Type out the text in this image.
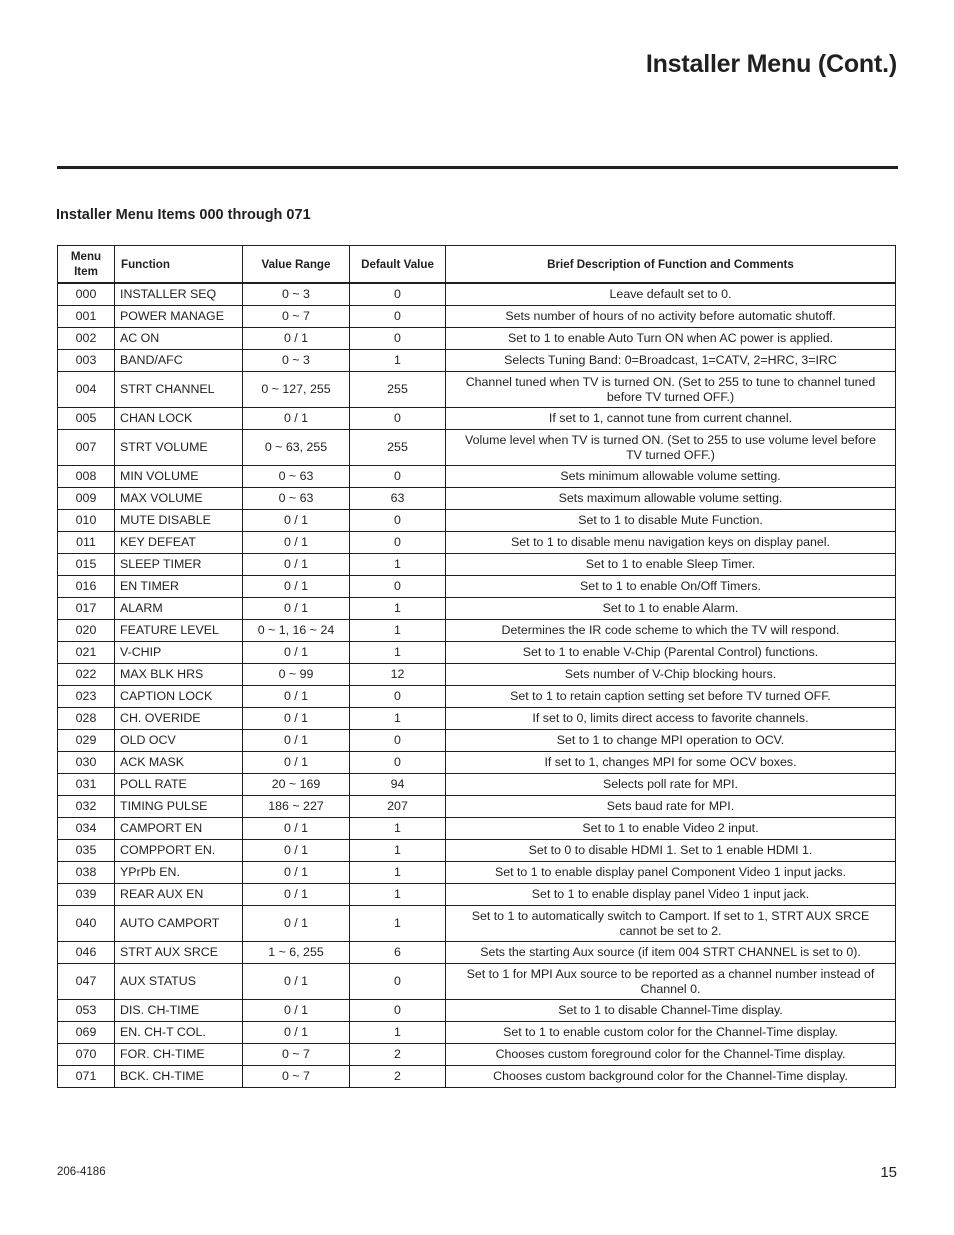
Installer Menu (Cont.)
Installer Menu Items 000 through 071
Menu
Item	Function	Value Range	Default Value	Brief Description of Function and Comments
000	INSTALLER SEQ	0 ~ 3	0	Leave default set to 0.
001	POWER MANAGE	0 ~ 7	0	Sets number of hours of no activity before automatic shutoff.
002	AC ON	0 / 1	0	Set to 1 to enable Auto Turn ON when AC power is applied.
003	BAND/AFC	0 ~ 3	1	Selects Tuning Band: 0=Broadcast, 1=CATV, 2=HRC, 3=IRC
004	STRT CHANNEL	0 ~ 127, 255	255	Channel tuned when TV is turned ON. (Set to 255 to tune to channel tuned before TV turned OFF.)
005	CHAN LOCK	0 / 1	0	If set to 1, cannot tune from current channel.
007	STRT VOLUME	0 ~ 63, 255	255	Volume level when TV is turned ON. (Set to 255 to use volume level before TV turned OFF.)
008	MIN VOLUME	0 ~ 63	0	Sets minimum allowable volume setting.
009	MAX VOLUME	0 ~ 63	63	Sets maximum allowable volume setting.
010	MUTE DISABLE	0 / 1	0	Set to 1 to disable Mute Function.
011	KEY DEFEAT	0 / 1	0	Set to 1 to disable menu navigation keys on display panel.
015	SLEEP TIMER	0 / 1	1	Set to 1 to enable Sleep Timer.
016	EN TIMER	0 / 1	0	Set to 1 to enable On/Off Timers.
017	ALARM	0 / 1	1	Set to 1 to enable Alarm.
020	FEATURE LEVEL	0 ~ 1, 16 ~ 24	1	Determines the IR code scheme to which the TV will respond.
021	V-CHIP	0 / 1	1	Set to 1 to enable V-Chip (Parental Control) functions.
022	MAX BLK HRS	0 ~ 99	12	Sets number of V-Chip blocking hours.
023	CAPTION LOCK	0 / 1	0	Set to 1 to retain caption setting set before TV turned OFF.
028	CH. OVERIDE	0 / 1	1	If set to 0, limits direct access to favorite channels.
029	OLD OCV	0 / 1	0	Set to 1 to change MPI operation to OCV.
030	ACK MASK	0 / 1	0	If set to 1, changes MPI for some OCV boxes.
031	POLL RATE	20 ~ 169	94	Selects poll rate for MPI.
032	TIMING PULSE	186 ~ 227	207	Sets baud rate for MPI.
034	CAMPORT EN	0 / 1	1	Set to 1 to enable Video 2 input.
035	COMPPORT EN.	0 / 1	1	Set to 0 to disable HDMI 1. Set to 1 enable HDMI 1.
038	YPrPb EN.	0 / 1	1	Set to 1 to enable display panel Component Video 1 input jacks.
039	REAR AUX EN	0 / 1	1	Set to 1 to enable display panel Video 1 input jack.
040	AUTO CAMPORT	0 / 1	1	Set to 1 to automatically switch to Camport. If set to 1, STRT AUX SRCE cannot be set to 2.
046	STRT AUX SRCE	1 ~ 6, 255	6	Sets the starting Aux source (if item 004 STRT CHANNEL is set to 0).
047	AUX STATUS	0 / 1	0	Set to 1 for MPI Aux source to be reported as a channel number instead of Channel 0.
053	DIS. CH-TIME	0 / 1	0	Set to 1 to disable Channel-Time display.
069	EN. CH-T COL.	0 / 1	1	Set to 1 to enable custom color for the Channel-Time display.
070	FOR. CH-TIME	0 ~ 7	2	Chooses custom foreground color for the Channel-Time display.
071	BCK. CH-TIME	0 ~ 7	2	Chooses custom background color for the Channel-Time display.
206-4186	15
